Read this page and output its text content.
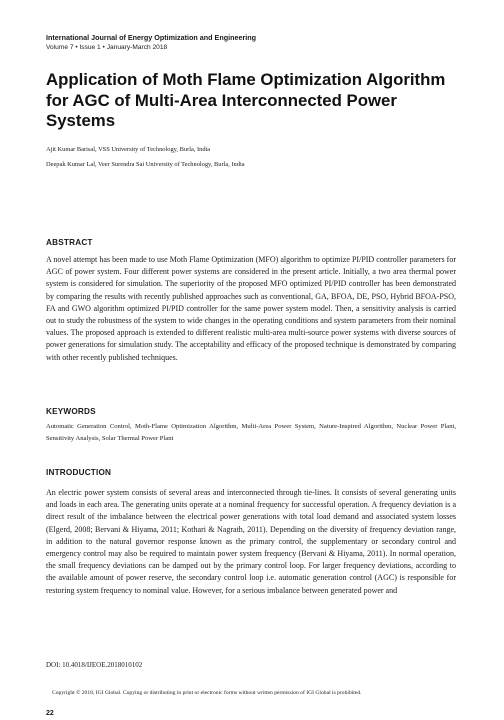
International Journal of Energy Optimization and Engineering
Volume 7 • Issue 1 • January-March 2018
Application of Moth Flame Optimization Algorithm for AGC of Multi-Area Interconnected Power Systems
Ajit Kumar Barisal, VSS University of Technology, Burla, India
Deepak Kumar Lal, Veer Surendra Sai University of Technology, Burla, India
ABSTRACT

A novel attempt has been made to use Moth Flame Optimization (MFO) algorithm to optimize PI/PID controller parameters for AGC of power system. Four different power systems are considered in the present article. Initially, a two area thermal power system is considered for simulation. The superiority of the proposed MFO optimized PI/PID controller has been demonstrated by comparing the results with recently published approaches such as conventional, GA, BFOA, DE, PSO, Hybrid BFOA-PSO, FA and GWO algorithm optimized PI/PID controller for the same power system model. Then, a sensitivity analysis is carried out to study the robustness of the system to wide changes in the operating conditions and system parameters from their nominal values. The proposed approach is extended to different realistic multi-area multi-source power systems with diverse sources of power generations for simulation study. The acceptability and efficacy of the proposed technique is demonstrated by comparing with other recently published techniques.

KEYWORDS

Automatic Generation Control, Moth-Flame Optimization Algorithm, Multi-Area Power System, Nature-Inspired Algorithm, Nuclear Power Plant, Sensitivity Analysis, Solar Thermal Power Plant

INTRODUCTION

An electric power system consists of several areas and interconnected through tie-lines. It consists of several generating units and loads in each area. The generating units operate at a nominal frequency for successful operation. A frequency deviation is a direct result of the imbalance between the electrical power generations with total load demand and associated system losses (Elgerd, 2008; Bervani & Hiyama, 2011; Kothari & Nagrath, 2011). Depending on the diversity of frequency deviation range, in addition to the natural governor response known as the primary control, the supplementary or secondary control and emergency control may also be required to maintain power system frequency (Bervani & Hiyama, 2011). In normal operation, the small frequency deviations can be damped out by the primary control loop. For larger frequency deviations, according to the available amount of power reserve, the secondary control loop i.e. automatic generation control (AGC) is responsible for restoring system frequency to nominal value. However, for a serious imbalance between generated power and

DOI: 10.4018/IJEOE.2018010102
Copyright © 2018, IGI Global. Copying or distributing in print or electronic forms without written permission of IGI Global is prohibited.
22
